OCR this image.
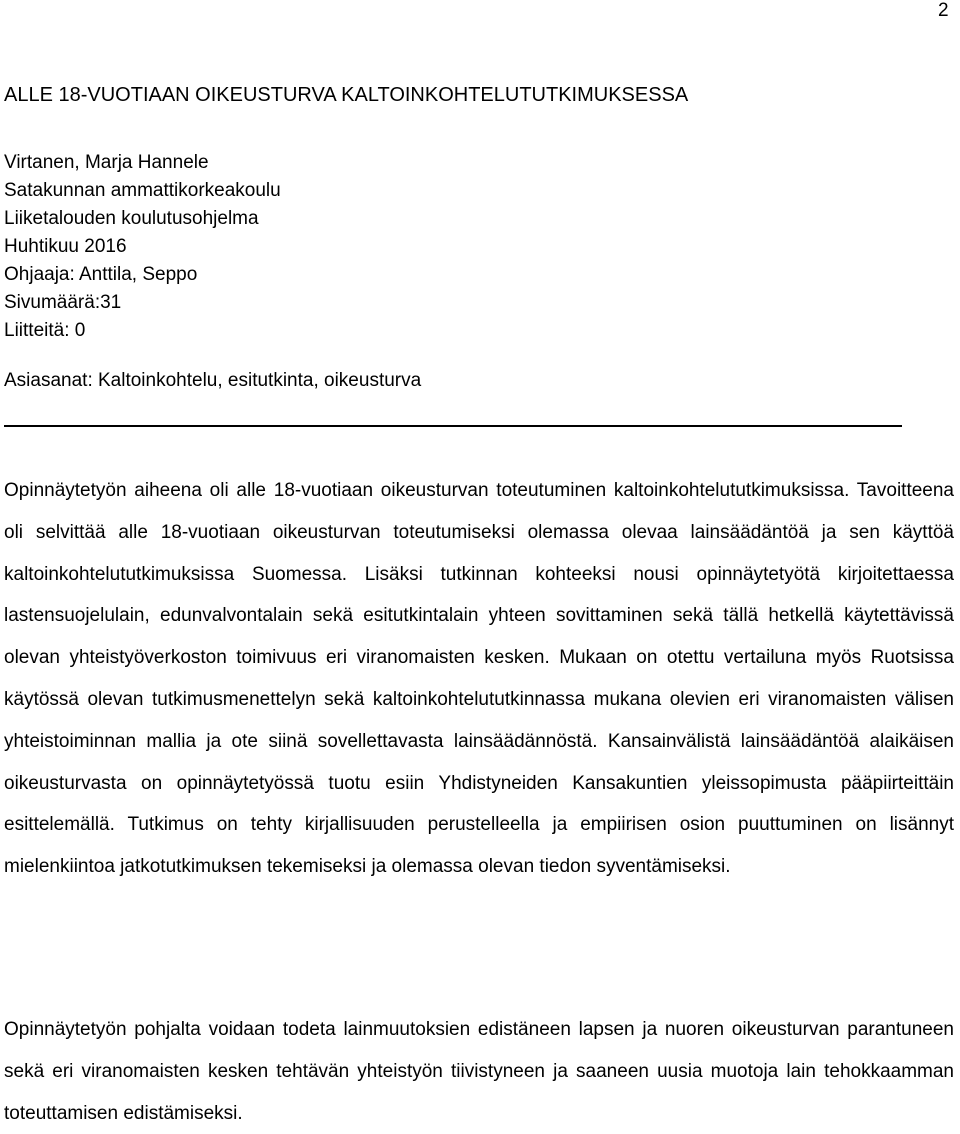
2
ALLE 18-VUOTIAAN OIKEUSTURVA KALTOINKOHTELUTUTKIMUKSESSA
Virtanen, Marja Hannele
Satakunnan ammattikorkeakoulu
Liiketalouden koulutusohjelma
Huhtikuu 2016
Ohjaaja: Anttila, Seppo
Sivumäärä:31
Liitteitä: 0
Asiasanat: Kaltoinkohtelu, esitutkinta, oikeusturva

Opinnäytetyön aiheena oli alle 18-vuotiaan oikeusturvan toteutuminen kaltoinkohtelututkimuksissa. Tavoitteena oli selvittää alle 18-vuotiaan oikeusturvan toteutumiseksi olemassa olevaa lainsäädäntöä ja sen käyttöä kaltoinkohtelututkimuksissa Suomessa. Lisäksi tutkinnan kohteeksi nousi opinnäytetyötä kirjoitettaessa lastensuojelulain, edunvalvontalain sekä esitutkintalain yhteen sovittaminen sekä tällä hetkellä käytettävissä olevan yhteistyöverkoston toimivuus eri viranomaisten kesken. Mukaan on otettu vertailuna myös Ruotsissa käytössä olevan tutkimusmenettelyn sekä kaltoinkohtelututkinnassa mukana olevien eri viranomaisten välisen yhteistoiminnan mallia ja ote siinä sovellettavasta lainsäädännöstä. Kansainvälistä lainsäädäntöä alaikäisen oikeusturvasta on opinnäytetyössä tuotu esiin Yhdistyneiden Kansakuntien yleissopimusta pääpiirteittäin esittelemällä. Tutkimus on tehty kirjallisuuden perustelleella ja empiirisen osion puuttuminen on lisännyt mielenkiintoa jatkotutkimuksen tekemiseksi ja olemassa olevan tiedon syventämiseksi.

Opinnäytetyön pohjalta voidaan todeta lainmuutoksien edistäneen lapsen ja nuoren oikeusturvan parantuneen sekä eri viranomaisten kesken tehtävän yhteistyön tiivistyneen ja saaneen uusia muotoja lain tehokkaamman toteuttamisen edistämiseksi.
